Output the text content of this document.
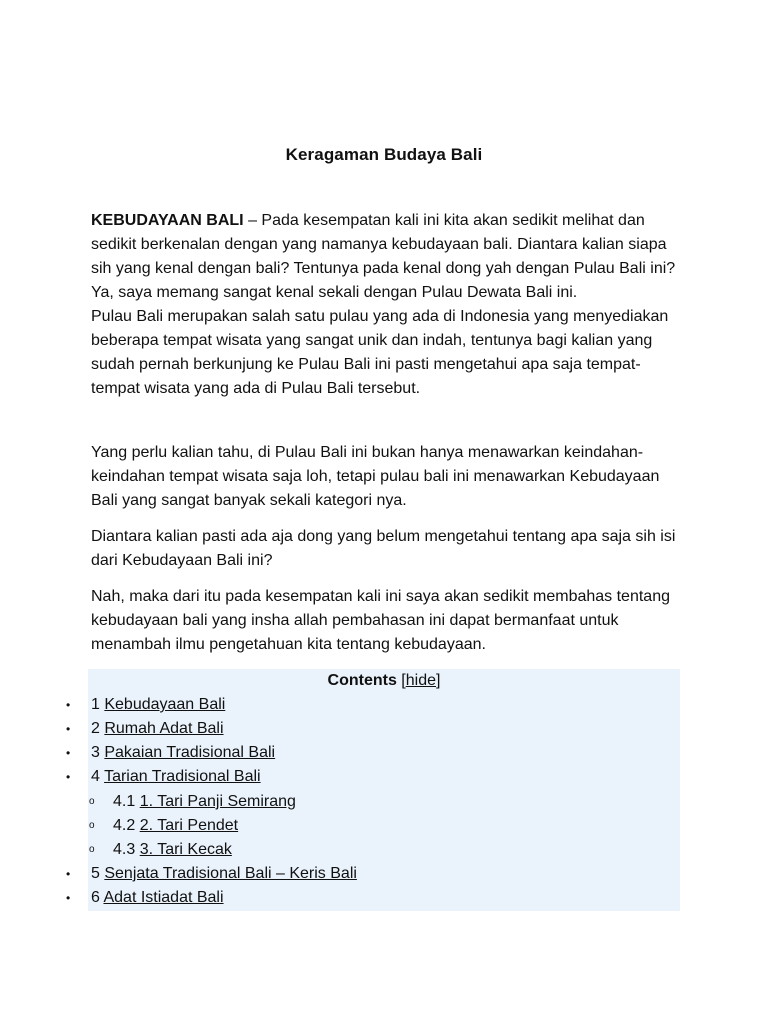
Keragaman Budaya Bali

KEBUDAYAAN BALI – Pada kesempatan kali ini kita akan sedikit melihat dan sedikit berkenalan dengan yang namanya kebudayaan bali. Diantara kalian siapa sih yang kenal dengan bali? Tentunya pada kenal dong yah dengan Pulau Bali ini? Ya, saya memang sangat kenal sekali dengan Pulau Dewata Bali ini.

Pulau Bali merupakan salah satu pulau yang ada di Indonesia yang menyediakan beberapa tempat wisata yang sangat unik dan indah, tentunya bagi kalian yang sudah pernah berkunjung ke Pulau Bali ini pasti mengetahui apa saja tempat-tempat wisata yang ada di Pulau Bali tersebut.

Yang perlu kalian tahu, di Pulau Bali ini bukan hanya menawarkan keindahan-keindahan tempat wisata saja loh, tetapi pulau bali ini menawarkan Kebudayaan Bali yang sangat banyak sekali kategori nya.

Diantara kalian pasti ada aja dong yang belum mengetahui tentang apa saja sih isi dari Kebudayaan Bali ini?

Nah, maka dari itu pada kesempatan kali ini saya akan sedikit membahas tentang kebudayaan bali yang insha allah pembahasan ini dapat bermanfaat untuk menambah ilmu pengetahuan kita tentang kebudayaan.

Contents [hide]
• 1 Kebudayaan Bali
• 2 Rumah Adat Bali
• 3 Pakaian Tradisional Bali
• 4 Tarian Tradisional Bali
o 4.1 1. Tari Panji Semirang
o 4.2 2. Tari Pendet
o 4.3 3. Tari Kecak
• 5 Senjata Tradisional Bali – Keris Bali
• 6 Adat Istiadat Bali
